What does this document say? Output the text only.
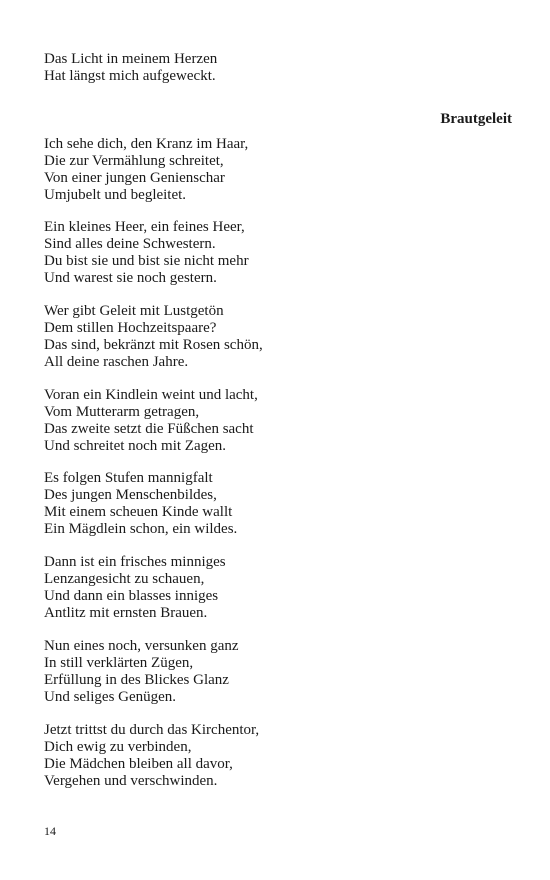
Das Licht in meinem Herzen
Hat längst mich aufgeweckt.
Brautgeleit
Ich sehe dich, den Kranz im Haar,
Die zur Vermählung schreitet,
Von einer jungen Genienschar
Umjubelt und begleitet.
Ein kleines Heer, ein feines Heer,
Sind alles deine Schwestern.
Du bist sie und bist sie nicht mehr
Und warest sie noch gestern.
Wer gibt Geleit mit Lustgetön
Dem stillen Hochzeitspaare?
Das sind, bekränzt mit Rosen schön,
All deine raschen Jahre.
Voran ein Kindlein weint und lacht,
Vom Mutterarm getragen,
Das zweite setzt die Füßchen sacht
Und schreitet noch mit Zagen.
Es folgen Stufen mannigfalt
Des jungen Menschenbildes,
Mit einem scheuen Kinde wallt
Ein Mägdlein schon, ein wildes.
Dann ist ein frisches minniges
Lenzangesicht zu schauen,
Und dann ein blasses inniges
Antlitz mit ernsten Brauen.
Nun eines noch, versunken ganz
In still verklärten Zügen,
Erfüllung in des Blickes Glanz
Und seliges Genügen.
Jetzt trittst du durch das Kirchentor,
Dich ewig zu verbinden,
Die Mädchen bleiben all davor,
Vergehen und verschwinden.
14
